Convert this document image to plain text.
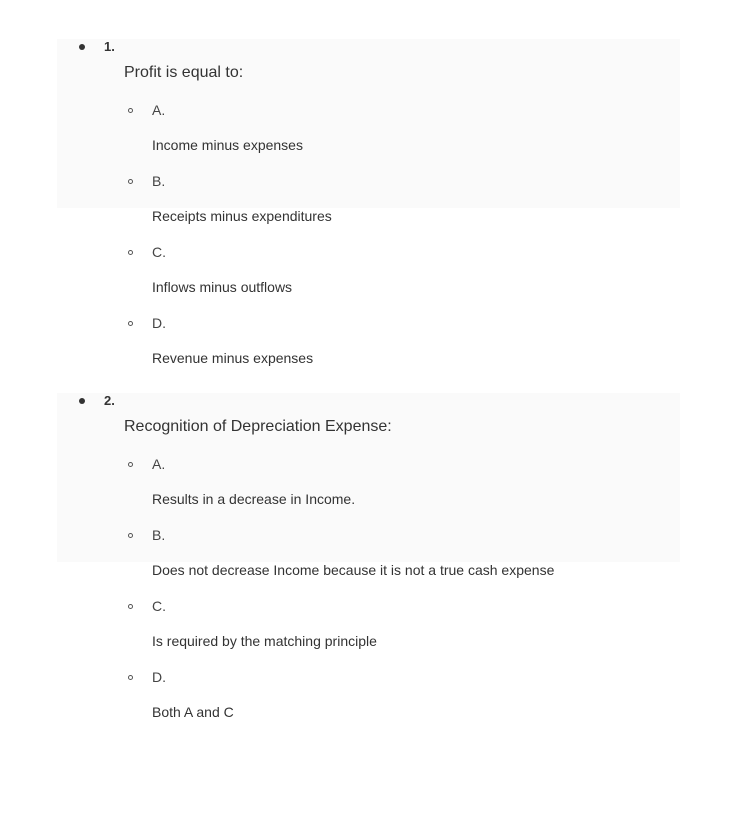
1.
Profit is equal to:
A.
Income minus expenses
B.
Receipts minus expenditures
C.
Inflows minus outflows
D.
Revenue minus expenses
2.
Recognition of Depreciation Expense:
A.
Results in a decrease in Income.
B.
Does not decrease Income because it is not a true cash expense
C.
Is required by the matching principle
D.
Both A and C
